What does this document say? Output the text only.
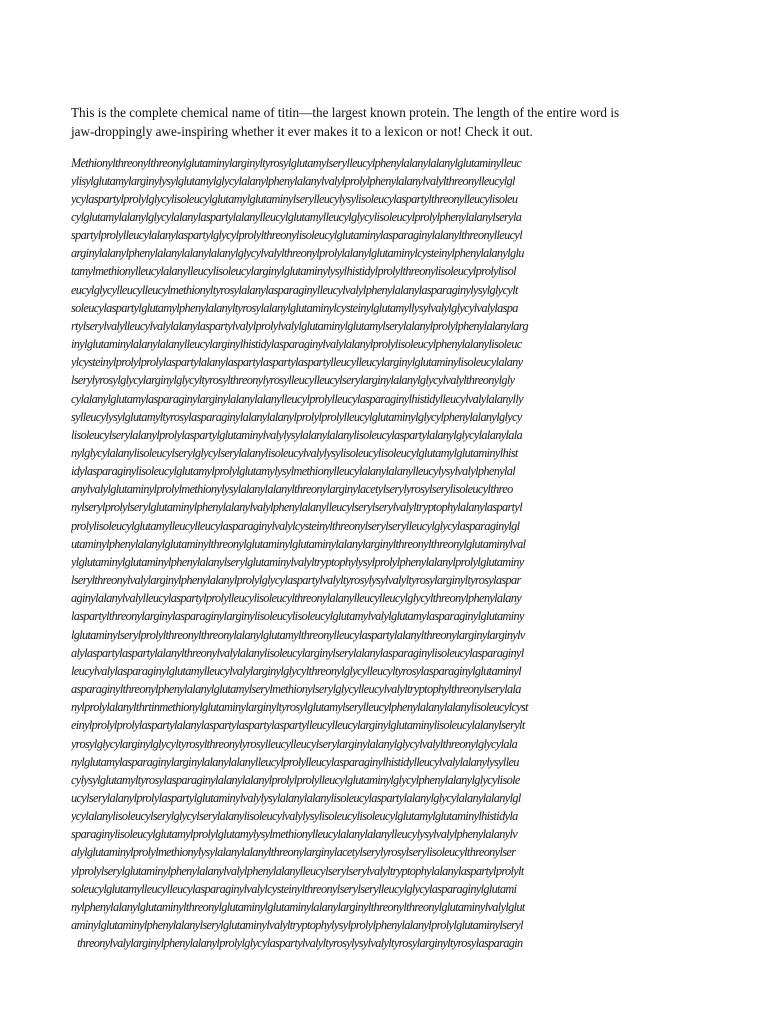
This is the complete chemical name of titin—the largest known protein. The length of the entire word is
jaw-droppingly awe-inspiring whether it ever makes it to a lexicon or not! Check it out.
Methionylthreonylthreonylglutaminylarginyltyrosylglutamylserylleucylphenylalanylalanylglutaminylleuc
ylisylglutamylarginylysylglutamylglycylalanylphenylalanylvalylprolylphenylalanylvalylthreonylleucylgl
ycylaspartylprolylglycylisoleucylglutamylglutaminylserylleucylysylisoleucylaspartylthreonylleucylisoleu
cylglutamylalanylglycylalanylaspartylalanylleucylglutamylleucylglycylisoleucylprolylphenylalanylseryla
spartylprolylleucylalanylaspartylglycylprolylthreonylisoleucylglutaminylasparaginylalanylthreonylleucyl
arginylalanylphenylalanylalanylalanylglycylvalylthreonylprolylalanylglutaminylcysteinylphenylalanylglu
tamylmethionylleucylalanylleucylisoleucylarginylglutaminylysylhistidylprolylthreonylisoleucylprolylisol
eucylglycylleucylleucylmethionyltyrosylalanylasparaginylleucylvalylphenylalanylasparaginylysylglycylt
soleucylaspartylglutamylphenylalanyltyrosylalanylglutaminylcysteinylglutamyllysylvalylglycylvalylaspa
rtylserylvalylleucylvalylalanylaspartylvalylprolylvalylglutaminylglutamylserylalanylprolylphenylalanylarg
inylglutaminylalanylalanylleucylarginylhistidylasparaginylvalylalanylprolylisoleucylphenylalanylisoleuc
ylcysteinylprolylprolylaspartylalanylaspartylaspartylaspartylleucylleucylarginylglutaminylisoleucylalany
lserylyrosylglycylarginylglycyltyrosylthreonylyrosylleucylleucylserylarginylalanylglycylvalylthreonylgly
cylalanylglutamylasparaginylarginylalanylalanylleucylprolylleucylasparaginylhistidylleucylvalylalanylly
sylleucylysylglutamyltyrosylasparaginylalanylalanylprolylprolylleucylglutaminylglycylphenylalanylglycy
lisoleucylserylalanylprolylaspartylglutaminylvalylysylalanylalanylisoleucylaspartylalanylglycylalanylala
nylglycylalanylisoleucylserylglycylserylalanylisoleucylvalylysylisoleucylisoleucylglutamylglutaminylhist
idylasparaginylisoleucylglutamylprolylglutamylysylmethionylleucylalanylalanylleucylysylvalylphenylal
anylvalylglutaminylprolylmethionylysylalanylalanylthreonylarginylacetylserylyrosylserylisoleucylthreo
nylserylprolylserylglutaminylphenylalanylvalylphenylalanylleucylserylserylvalyltryptophylalanylaspartyl
prolylisoleucylglutamylleucylleucylasparaginylvalylcysteinylthreonylserylserylleucylglycylasparaginylgl
utaminylphenylalanylglutaminylthreonylglutaminylglutaminylalanylarginylthreonylthreonylglutaminylval
ylglutaminylglutaminylphenylalanylserylglutaminylvalyltryptophylysylprolylphenylalanylprolylglutaminy
lserylthreonylvalylarginylphenylalanylprolylglycylaspartylvalyltyrosylysylvalyltyrosylarginyltyrosylaspar
aginylalanylvalylleucylaspartylprolylleucylisoleucylthreonylalanylleucylleucylglycylthreonylphenylalany
laspartylthreonylarginylasparaginylarginylisoleucylisoleucylglutamylvalylglutamylasparaginylglutaminy
lglutaminylserylprolylthreonylthreonylalanylglutamylthreonylleucylaspartylalanylthreonylarginylarginylv
alylaspartylaspartylalanylthreonylvalylalanylisoleucylarginylserylalanylasparaginylisoleucylasparaginyl
leucylvalylasparaginylglutamylleucylvalylarginylglycylthreonylglycylleucyltyrosylasparaginylglutaminyl
asparaginylthreonylphenylalanylglutamylserylmethionylserylglycylleucylvalyltryptophylthreonylserylala
nylprolylalanylthrtinmethionylglutaminylarginyltyrosylglutamylserylleucylphenylalanylalanylisoleucylcyst
einylprolylprolylaspartylalanylaspartylaspartylaspartylleucylleucylarginylglutaminylisoleucylalanylserylt
yrosylglycylarginylglycyltyrosylthreonylyrosylleucylleucylserylarginylalanylglycylvalylthreonylglycylala
nylglutamylasparaginylarginylalanylalanylleucylprolylleucylasparaginylhistidylleucylvalylalanylysylleu
cylysylglutamyltyrosylasparaginylalanylalanylprolylprolylleucylglutaminylglycylphenylalanylglycylisole
ucylserylalanylprolylaspartylglutaminylvalylysylalanylalanylisoleucylaspartylalanylglycylalanylalanylgl
ycylalanylisoleucylserylglycylserylalanylisoleucylvalylysylisoleucylisoleucylglutamylglutaminylhistidyla
sparaginylisoleucylglutamylprolylglutamylysylmethionylleucylalanylalanylleucylysylvalylphenylalanylv
alylglutaminylprolylmethionylysylalanylalanylthreonylarginylacetylserylyrosylserylisoleucylthreonylser
ylprolylserylglutaminylphenylalanylvalylphenylalanylleucylserylserylvalyltryptophylalanylaspartylprolylt
soleucylglutamylleucylleucylasparaginylvalylcysteinylthreonylserylserylleucylglycylasparaginylglutami
nylphenylalanylglutaminylthreonylglutaminylglutaminylalanylarginylthreonylthreonylglutaminylvalylglut
aminylglutaminylphenylalanylserylglutaminylvalyltryptophylysylprolylphenylalanylprolylglutaminylseryl
threonylvalylarginylphenylalanylprolylglycylaspartylvalyltyrosylysylvalyltyrosylarginyltyrosylasparagin
